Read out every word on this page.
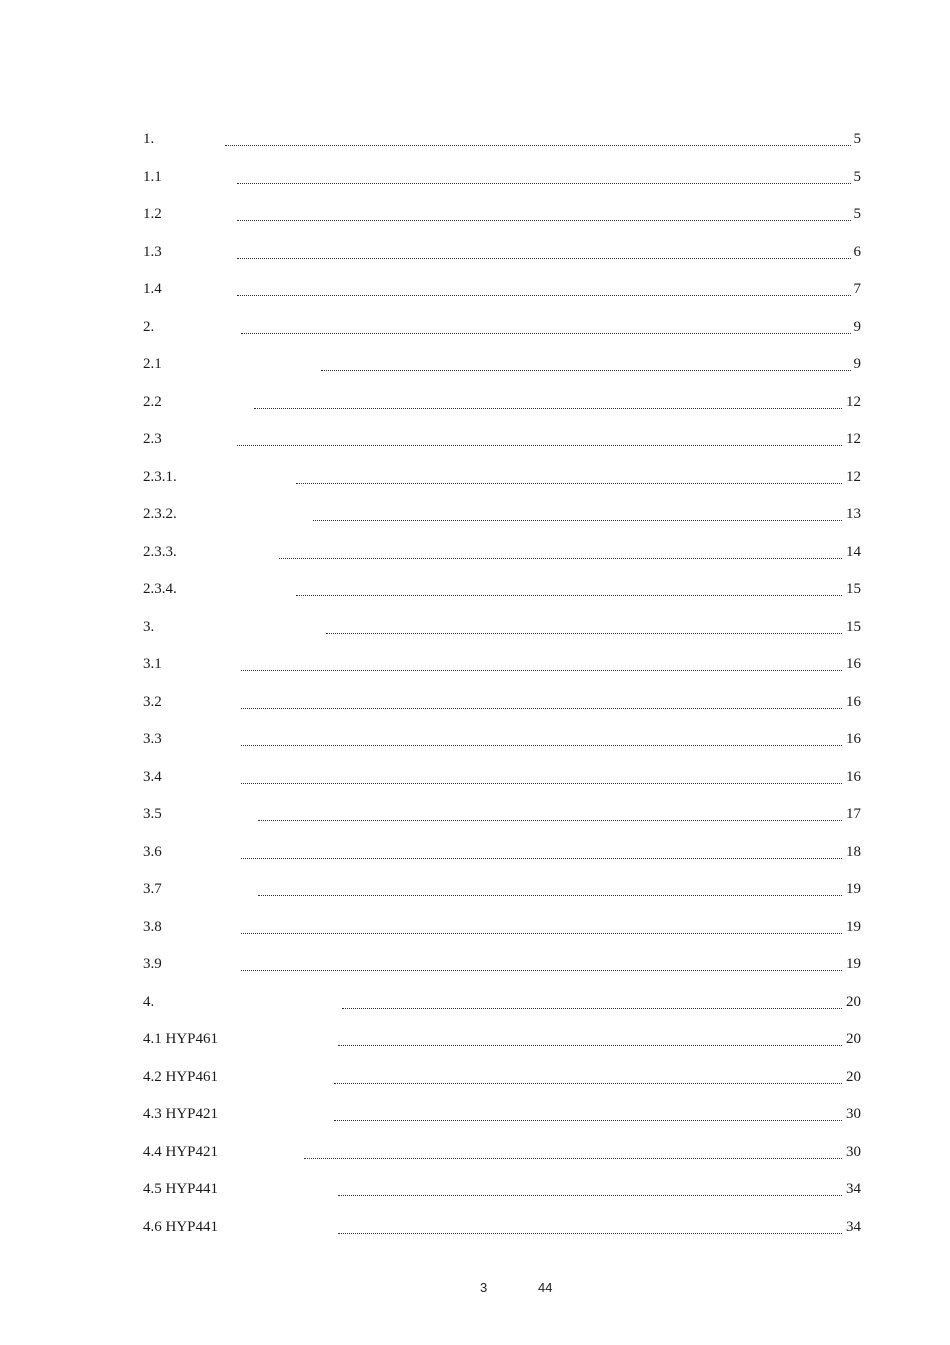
1.	5
1.1	5
1.2	5
1.3	6
1.4	7
2.	9
2.1	9
2.2	12
2.3	12
2.3.1.	12
2.3.2.	13
2.3.3.	14
2.3.4.	15
3.	15
3.1	16
3.2	16
3.3	16
3.4	16
3.5	17
3.6	18
3.7	19
3.8	19
3.9	19
4.	20
4.1 HYP461	20
4.2 HYP461	20
4.3 HYP421	30
4.4 HYP421	30
4.5 HYP441	34
4.6 HYP441	34
3	44
